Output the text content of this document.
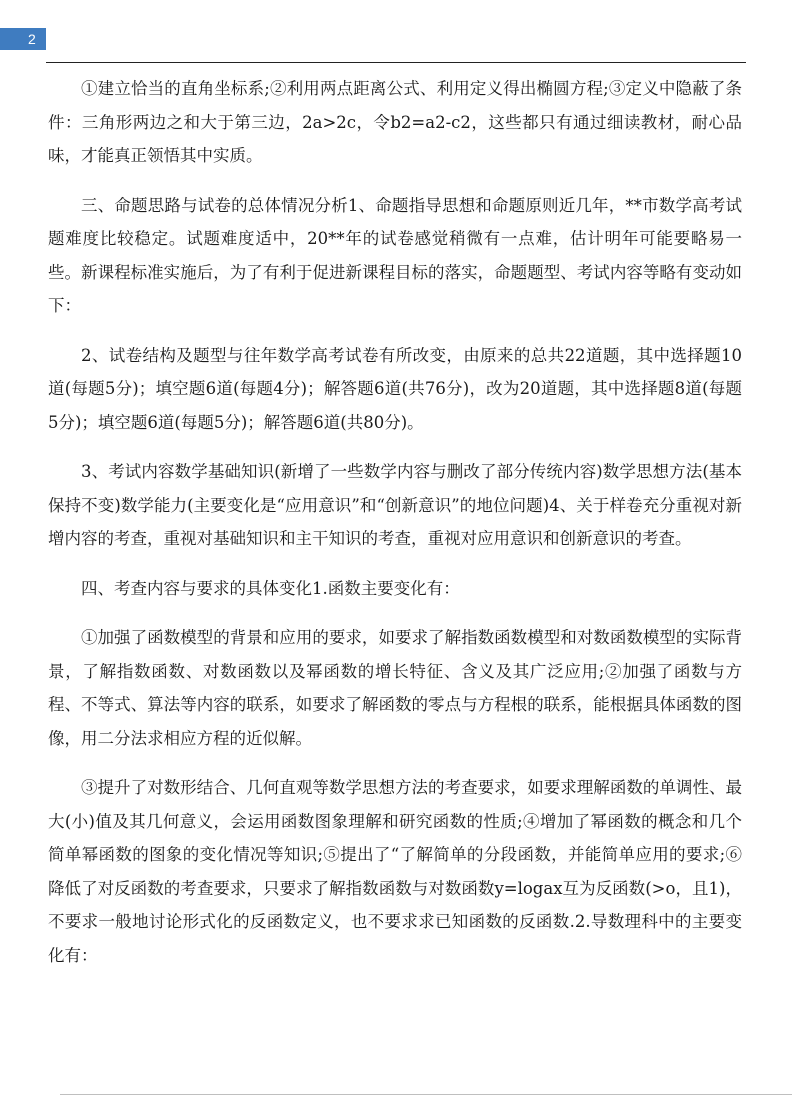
2

①建立恰当的直角坐标系;②利用两点距离公式、利用定义得出椭圆方程;③定义中隐蔽了条件：三角形两边之和大于第三边，2a>2c，令b2=a2-c2，这些都只有通过细读教材，耐心品味，才能真正领悟其中实质。

三、命题思路与试卷的总体情况分析1、命题指导思想和命题原则近几年，**市数学高考试题难度比较稳定。试题难度适中，20**年的试卷感觉稍微有一点难，估计明年可能要略易一些。新课程标准实施后，为了有利于促进新课程目标的落实，命题题型、考试内容等略有变动如下：

2、试卷结构及题型与往年数学高考试卷有所改变，由原来的总共22道题，其中选择题10道(每题5分)；填空题6道(每题4分)；解答题6道(共76分)，改为20道题，其中选择题8道(每题5分)；填空题6道(每题5分)；解答题6道(共80分)。

3、考试内容数学基础知识(新增了一些数学内容与删改了部分传统内容)数学思想方法(基本保持不变)数学能力(主要变化是“应用意识”和“创新意识”的地位问题)4、关于样卷充分重视对新增内容的考查，重视对基础知识和主干知识的考查，重视对应用意识和创新意识的考查。

四、考查内容与要求的具体变化1.函数主要变化有：

①加强了函数模型的背景和应用的要求，如要求了解指数函数模型和对数函数模型的实际背景，了解指数函数、对数函数以及幂函数的增长特征、含义及其广泛应用;②加强了函数与方程、不等式、算法等内容的联系，如要求了解函数的零点与方程根的联系，能根据具体函数的图像，用二分法求相应方程的近似解。

③提升了对数形结合、几何直观等数学思想方法的考查要求，如要求理解函数的单调性、最大(小)值及其几何意义，会运用函数图象理解和研究函数的性质;④增加了幂函数的概念和几个简单幂函数的图象的变化情况等知识;⑤提出了“了解简单的分段函数，并能简单应用的要求;⑥降低了对反函数的考查要求，只要求了解指数函数与对数函数y=logax互为反函数(>o，且1)，不要求一般地讨论形式化的反函数定义，也不要求求已知函数的反函数.2.导数理科中的主要变化有：
